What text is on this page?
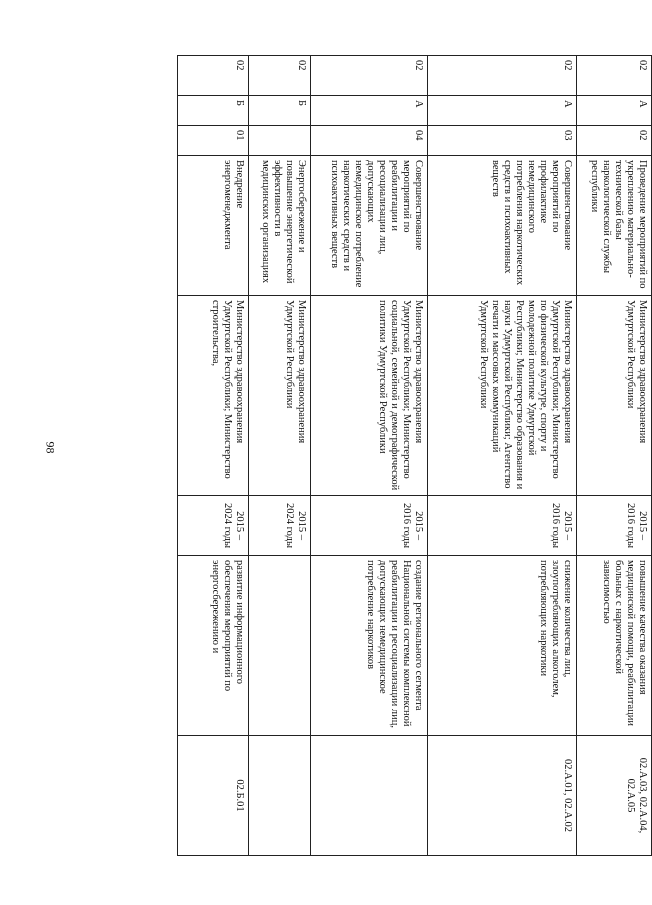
98
02	А	02	Проведение мероприятий по укреплению материально-технической базы наркологической службы республики	Министерство здравоохранения Удмуртской Республики	2015 – 2016 годы	повышение качества оказания медицинской помощи, реабилитации больных с наркотической зависимостью	02.А.03, 02.А.04, 02.А.05
02	А	03	Совершенствование мероприятий по профилактике немедицинского потребления наркотических средств и психоактивных веществ	Министерство здравоохранения Удмуртской Республики; Министерство по физической культуре, спорту и молодежной политике Удмуртской Республики; Министерство образования и науки Удмуртской Республики; Агентство печати и массовых коммуникаций Удмуртской Республики	2015 – 2016 годы	снижение количества лиц, злоупотребляющих алкоголем, потребляющих наркотики	02.А.01, 02.А.02
02	А	04	Совершенствование мероприятий по реабилитации и ресоциализации лиц, допускающих немедицинское потребление наркотических средств и психоактивных веществ	Министерство здравоохранения Удмуртской Республики; Министерство социальной, семейной и демографической политики Удмуртской Республики	2015 – 2016 годы	создание регионального сегмента Национальной системы комплексной реабилитации и ресоциализации лиц, допускающих немедицинское потребление наркотиков	
02	Б		Энергосбережение и повышение энергетической эффективности в медицинских организациях	Министерство здравоохранения Удмуртской Республики	2015 – 2024 годы		
02	Б	01	Внедрение энергоменеджмента	Министерство здравоохранения Удмуртской Республики; Министерство строительства,	2015 – 2024 годы	развитие информационного обеспечения мероприятий по энергосбережению и	02.Б.01
